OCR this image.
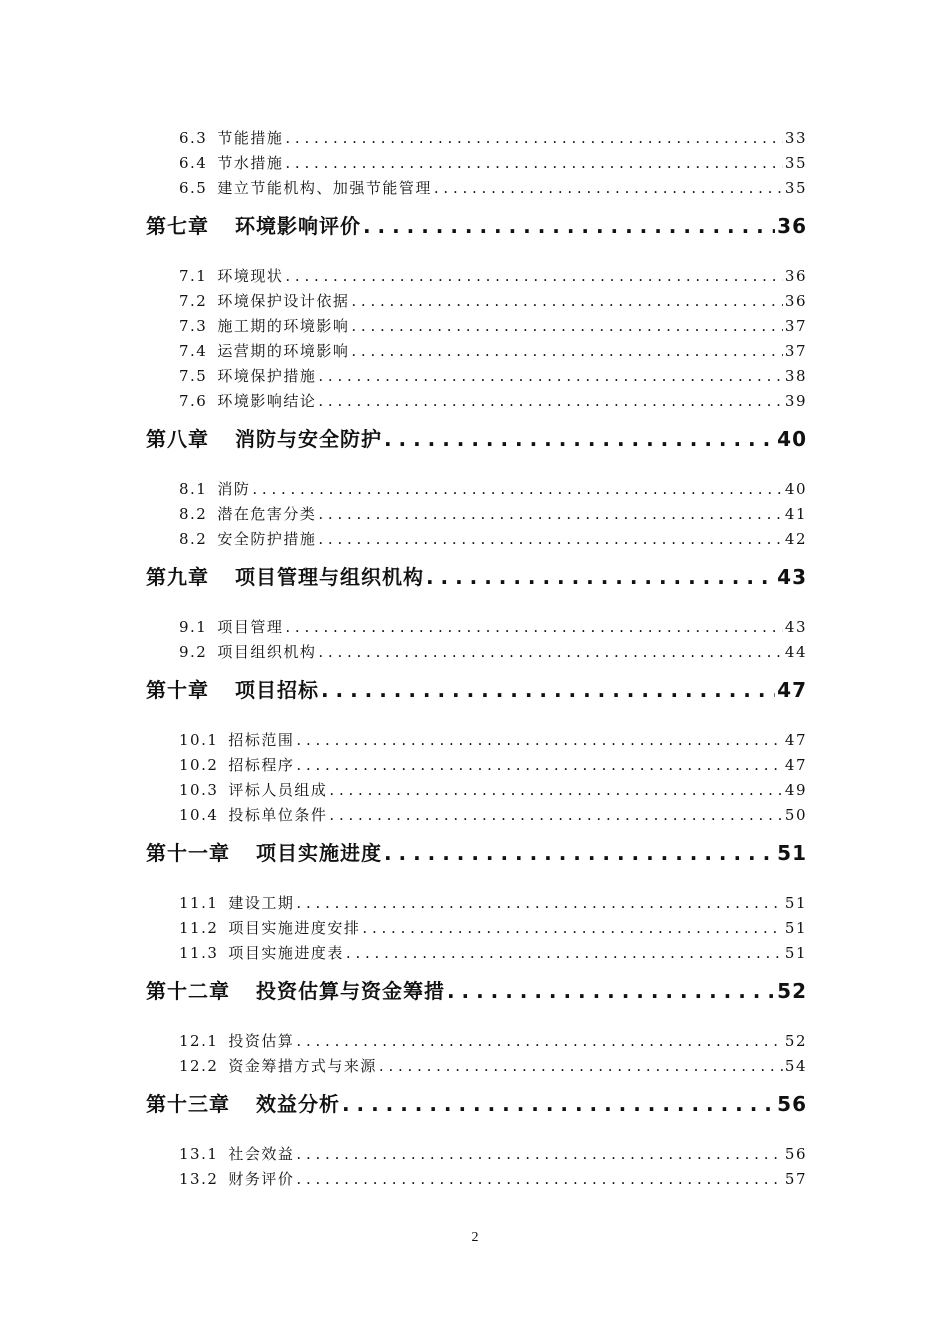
6.3 节能措施 . . .	33
6.4 节水措施 . . .	35
6.5 建立节能机构、加强节能管理 . . .	35
第七章 环境影响评价 . . .	36
7.1 环境现状 . . .	36
7.2 环境保护设计依据 . . .	36
7.3 施工期的环境影响 . . .	37
7.4 运营期的环境影响 . . .	37
7.5 环境保护措施 . . .	38
7.6 环境影响结论 . . .	39
第八章 消防与安全防护 . . .	40
8.1 消防 . . .	40
8.2 潜在危害分类 . . .	41
8.2 安全防护措施 . . .	42
第九章 项目管理与组织机构 . . .	43
9.1 项目管理 . . .	43
9.2 项目组织机构 . . .	44
第十章 项目招标 . . .	47
10.1 招标范围 . . .	47
10.2 招标程序 . . .	47
10.3 评标人员组成 . . .	49
10.4 投标单位条件 . . .	50
第十一章 项目实施进度 . . .	51
11.1 建设工期 . . .	51
11.2 项目实施进度安排 . . .	51
11.3 项目实施进度表 . . .	51
第十二章 投资估算与资金筹措 . . .	52
12.1 投资估算 . . .	52
12.2 资金筹措方式与来源 . . .	54
第十三章 效益分析 . . .	56
13.1 社会效益 . . .	56
13.2 财务评价 . . .	57
2
